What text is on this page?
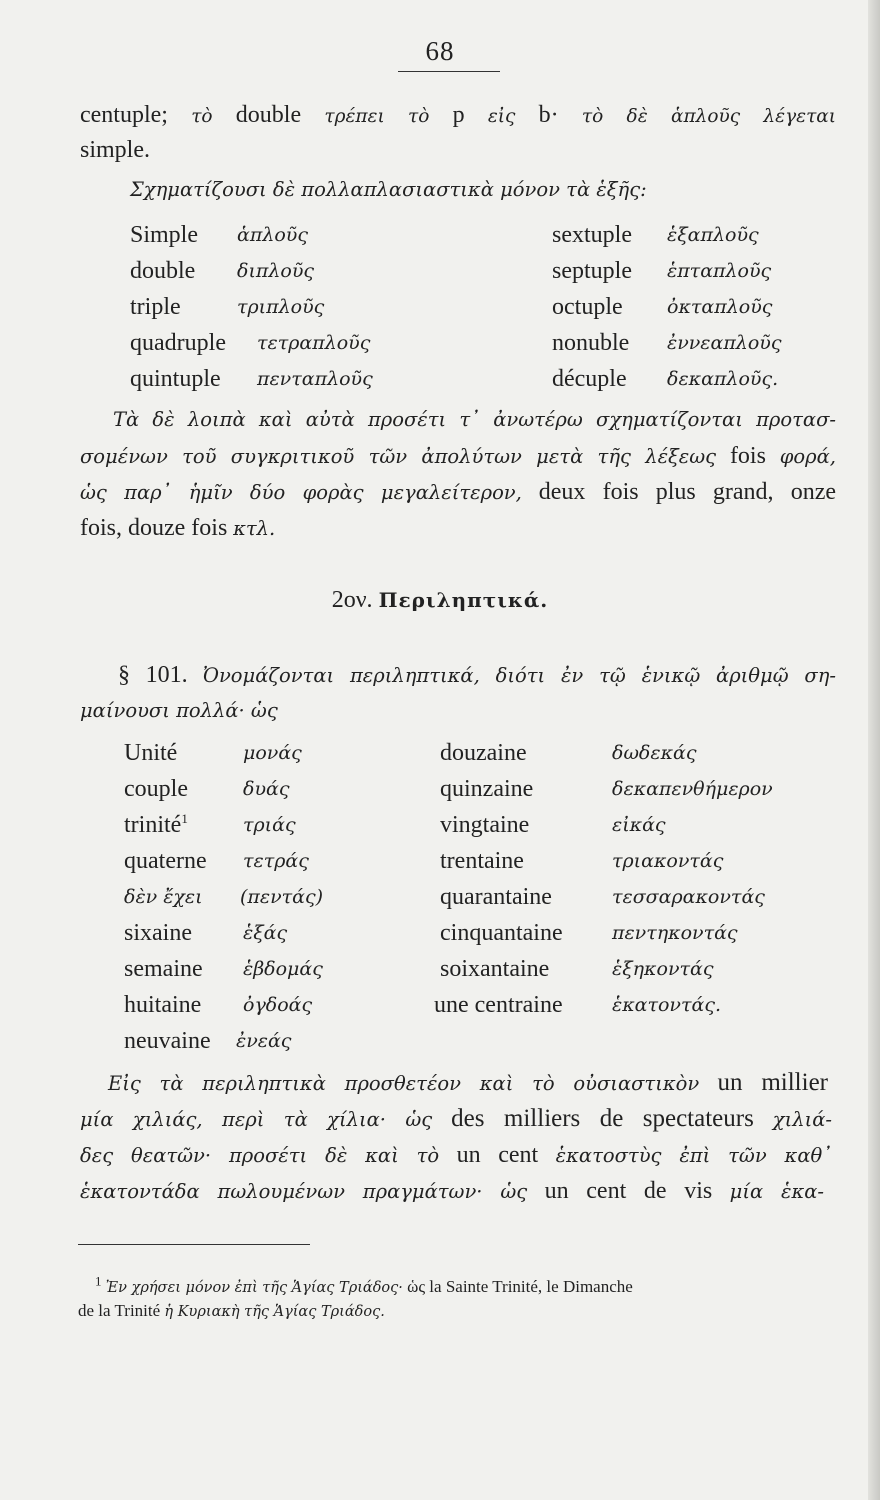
68
centuple; τὸ double τρέπει τὸ p εἰς b· τὸ δὲ ἁπλοῦς λέγεται
simple.
Σχηματίζουσι δὲ πολλαπλασιαστικὰ μόνον τὰ ἑξῆς:
Simple ἁπλοῦς	sextuple ἑξαπλοῦς
double διπλοῦς	septuple ἑπταπλοῦς
triple	τριπλοῦς	octuple ὀκταπλοῦς
quadruple τετραπλοῦς	nonuble ἐννεαπλοῦς
quintuple πενταπλοῦς	décuple δεκαπλοῦς.
Τὰ δὲ λοιπὰ καὶ αὐτὰ προσέτι τ᾽ ἀνωτέρω σχηματίζονται προτασ-
σομένων τοῦ συγκριτικοῦ τῶν ἀπολύτων μετὰ τῆς λέξεως fois φορά,
ὡς παρ᾽ ἡμῖν δύο φορὰς μεγαλείτερον, deux fois plus grand, onze
fois, douze fois κτλ.
2ον. Περιληπτικά.
§ 101. Ὀνομάζονται περιληπτικά, διότι ἐν τῷ ἑνικῷ ἀριθμῷ ση-
μαίνουσι πολλά· ὡς
Unité	μονάς	douzaine	δωδεκάς
couple	δυάς	quinzaine	δεκαπενθήμερον
trinité$^1$	τριάς	vingtaine	εἰκάς
quaterne τετράς	trentaine	τριακοντάς
δὲν ἔχει (πεντάς)	quarantaine	τεσσαρακοντάς
sixaine	ἑξάς	cinquantaine	πεντηκοντάς
semaine ἑβδομάς	soixantaine	ἑξηκοντάς
huitaine ὀγδοάς	une centraine	ἑκατοντάς.
neuvaine ἐνεάς
Εἰς τὰ περιληπτικὰ προσθετέον καὶ τὸ οὐσιαστικὸν un millier
μία χιλιάς, περὶ τὰ χίλια· ὡς des milliers de spectateurs χιλιά-
δες θεατῶν· προσέτι δὲ καὶ τὸ un cent ἑκατοστὺς ἐπὶ τῶν καθ᾽
ἑκατοντάδα πωλουμένων πραγμάτων· ὡς un cent de vis μία ἑκα-
$^1$ Ἐν χρήσει μόνον ἐπὶ τῆς Ἁγίας Τριάδος· ὡς la Sainte Trinité, le Dimanche
de la Trinité ἡ Κυριακὴ τῆς Ἁγίας Τριάδος.
